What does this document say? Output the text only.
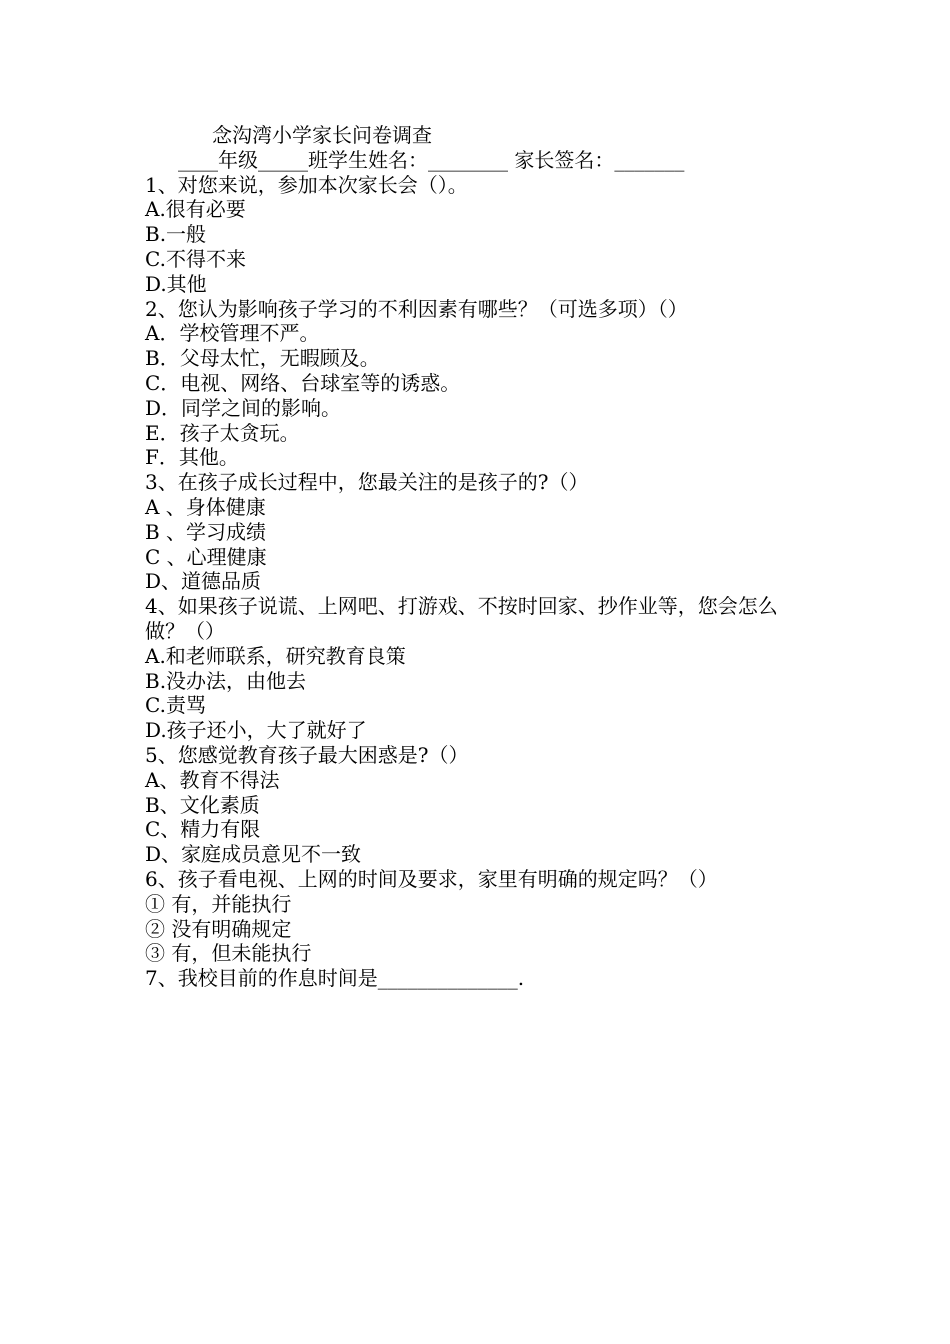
念沟湾小学家长问卷调查
____年级_____班学生姓名：________ 家长签名：_______
1、对您来说，参加本次家长会（）。
A.很有必要
B.一般
C.不得不来
D.其他
2、您认为影响孩子学习的不利因素有哪些？（可选多项）（）
A．学校管理不严。
B．父母太忙，无暇顾及。
C．电视、网络、台球室等的诱惑。
D．同学之间的影响。
E．孩子太贪玩。
F．其他。
3、在孩子成长过程中，您最关注的是孩子的?（）
A 、身体健康
B 、学习成绩
C 、心理健康
D、道德品质
4、如果孩子说谎、上网吧、打游戏、不按时回家、抄作业等，您会怎么做？（）
A.和老师联系，研究教育良策
B.没办法，由他去
C.责骂
D.孩子还小，大了就好了
5、您感觉教育孩子最大困惑是?（）
A、教育不得法
B、文化素质
C、精力有限
D、家庭成员意见不一致
6、孩子看电视、上网的时间及要求，家里有明确的规定吗？（）
① 有，并能执行
② 没有明确规定
③ 有，但未能执行
7、我校目前的作息时间是______________.
